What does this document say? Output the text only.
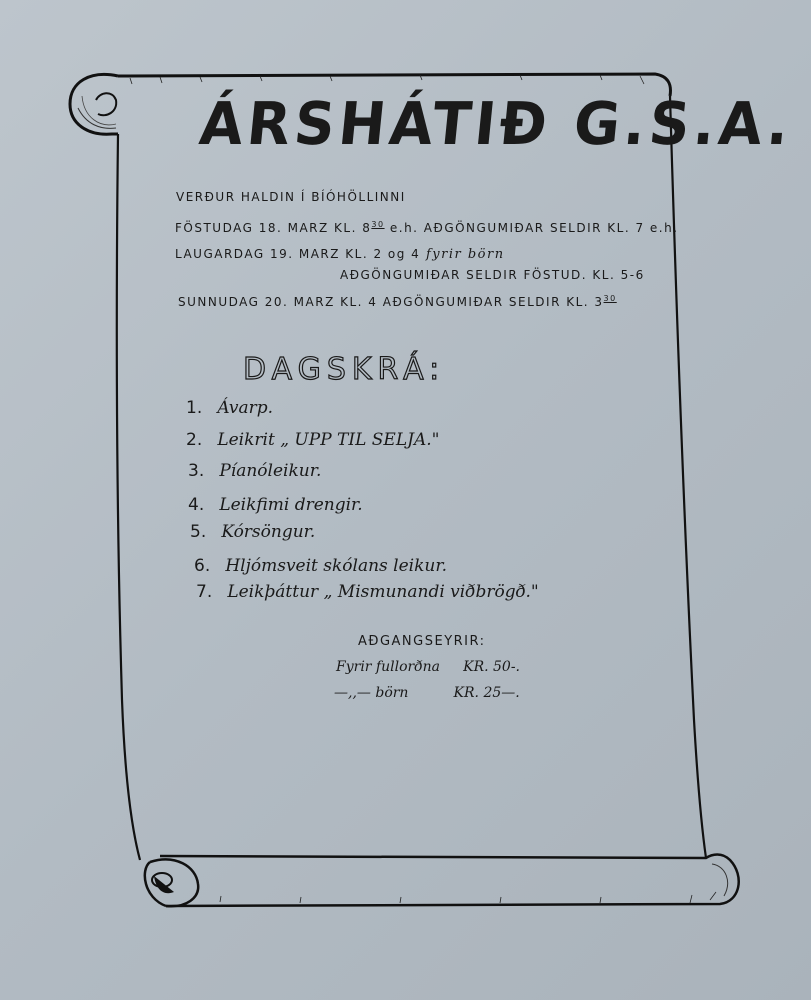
ÁRSHÁTIÐ G.S.A.
VERÐUR HALDIN Í BÍÓHÖLLINNI
FÖSTUDAG 18. MARZ KL. $8^{30}$ e.h. AÐGÖNGUMIÐAR SELDIR KL. 7 e.h.
LAUGARDAG 19. MARZ KL. 2 og 4 fyrir börn
AÐGÖNGUMIÐAR SELDIR FÖSTUD. KL. 5-6
SUNNUDAG 20. MARZ KL. 4 AÐGÖNGUMIÐAR SELDIR KL. $3^{30}$
DAGSKRÁ:
1. Ávarp.
2. Leikrit „ UPP TIL SELJA."
3. Píanóleikur.
4. Leikfimi drengir.
5. Kórsöngur.
6. Hljómsveit skólans leikur.
7. Leikþáttur „ Mismunandi viðbrögð."
AÐGANGSEYRIR:
Fyrir fullorðna KR. 50-.
—,,— börn	KR. 25—.
